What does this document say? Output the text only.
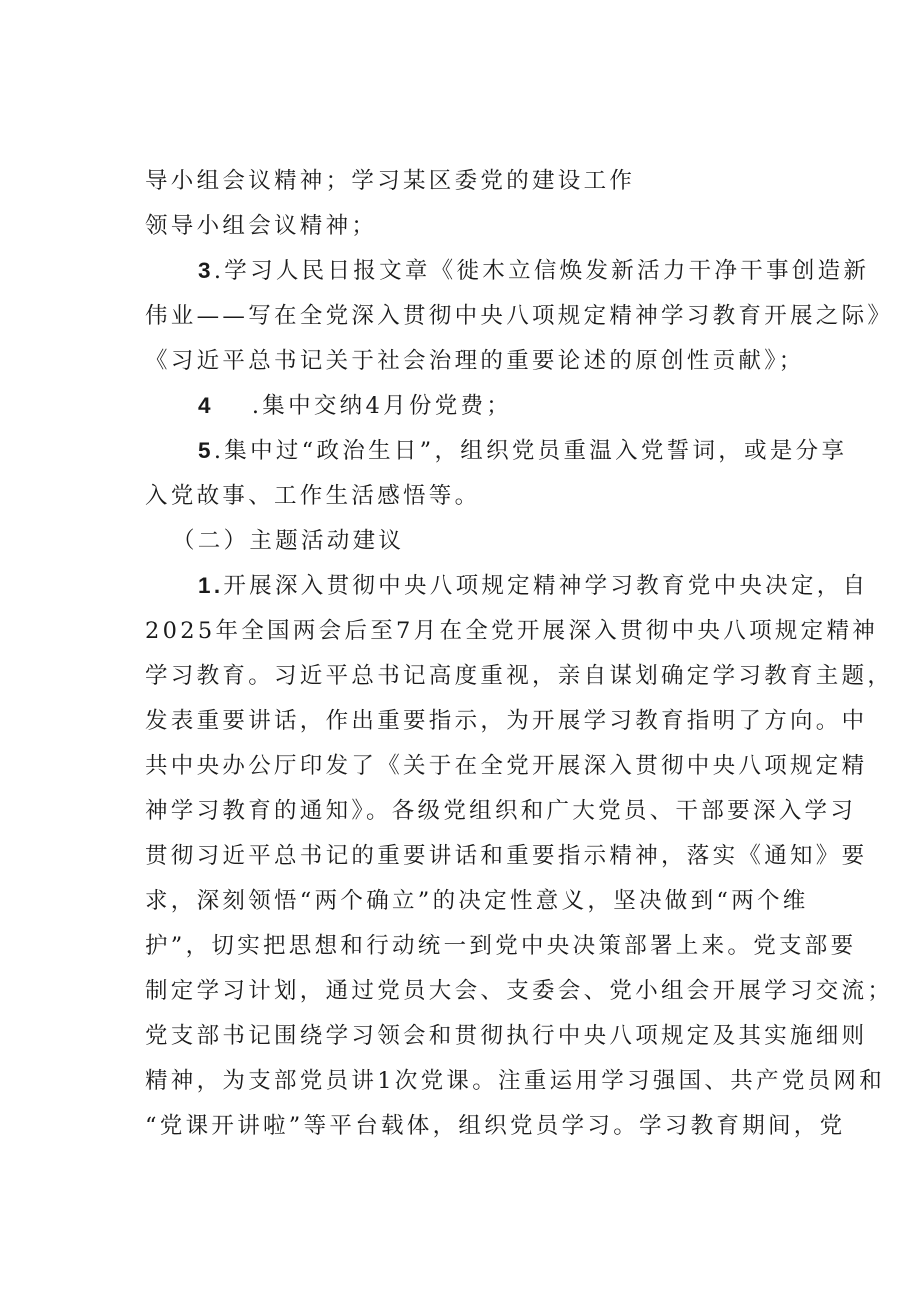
导小组会议精神；学习某区委党的建设工作
领导小组会议精神；
3.学习人民日报文章《徙木立信焕发新活力干净干事创造新
伟业——写在全党深入贯彻中央八项规定精神学习教育开展之际》
《习近平总书记关于社会治理的重要论述的原创性贡献》；
4 .集中交纳4月份党费；
5.集中过“政治生日”，组织党员重温入党誓词，或是分享
入党故事、工作生活感悟等。
（二）主题活动建议
1.开展深入贯彻中央八项规定精神学习教育党中央决定，自
2025年全国两会后至7月在全党开展深入贯彻中央八项规定精神
学习教育。习近平总书记高度重视，亲自谋划确定学习教育主题，
发表重要讲话，作出重要指示，为开展学习教育指明了方向。中
共中央办公厅印发了《关于在全党开展深入贯彻中央八项规定精
神学习教育的通知》。各级党组织和广大党员、干部要深入学习
贯彻习近平总书记的重要讲话和重要指示精神，落实《通知》要
求，深刻领悟“两个确立”的决定性意义，坚决做到“两个维
护”，切实把思想和行动统一到党中央决策部署上来。党支部要
制定学习计划，通过党员大会、支委会、党小组会开展学习交流；
党支部书记围绕学习领会和贯彻执行中央八项规定及其实施细则
精神，为支部党员讲1次党课。注重运用学习强国、共产党员网和
“党课开讲啦”等平台载体，组织党员学习。学习教育期间，党
